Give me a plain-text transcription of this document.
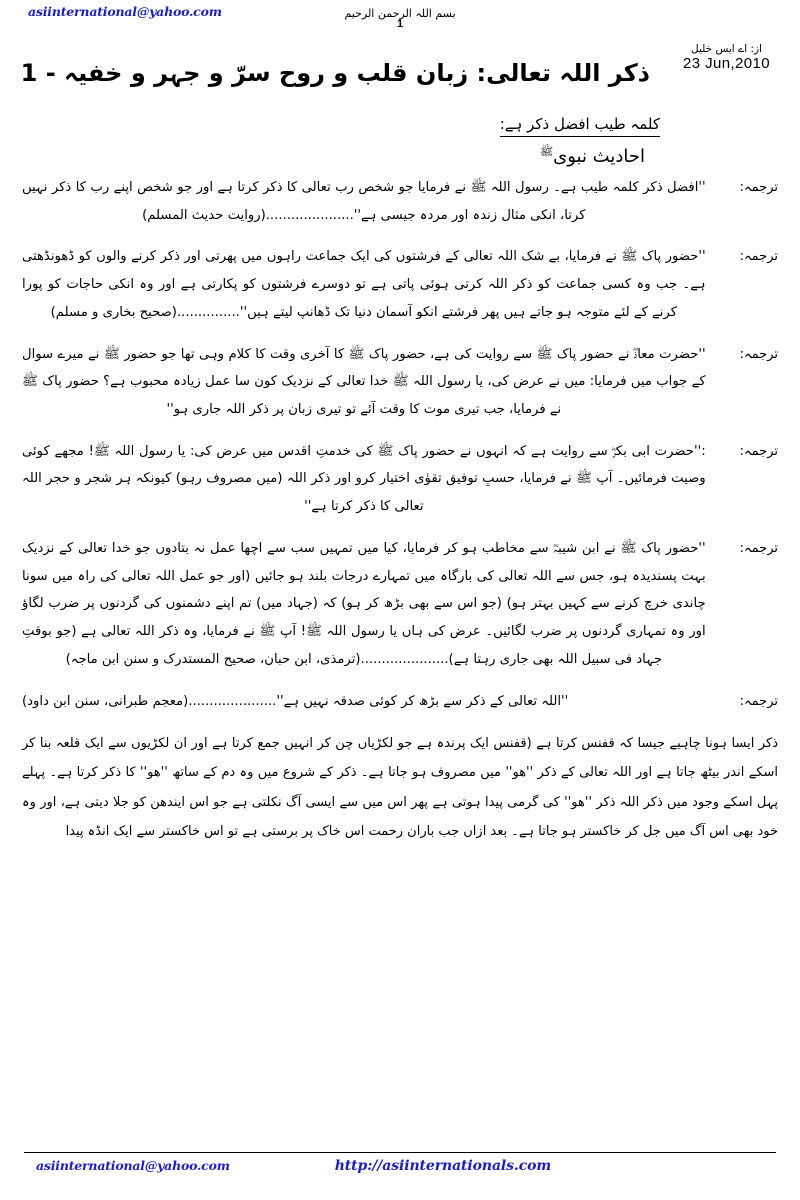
asiinternational@yahoo.com	بسم اللہ الرحمن الرحیم
1
از: اے ایس خلیل
23 Jun,2010
ذکر اللہ تعالی: زبان قلب و روح سرّ و جہر و خفیہ - 1
کلمہ طیب افضل ذکر ہے:
احادیث نبوی$^ﷺ$
ترجمہ:
''افضل ذکر کلمہ طیب ہے۔ رسول اللہ ﷺ نے فرمایا جو شخص رب تعالی کا ذکر کرتا ہے اور جو شخص اپنے رب کا ذکر نہیں کرتا، انکی مثال زندہ اور مردہ جیسی ہے''.....................(روایت حدیث المسلم)
ترجمہ:
''حضور پاک ﷺ نے فرمایا، بے شک اللہ تعالی کے فرشتوں کی ایک جماعت راہوں میں پھرتی اور ذکر کرنے والوں کو ڈھونڈھتی ہے۔ جب وہ کسی جماعت کو ذکر اللہ کرتی ہوئی پاتی ہے تو دوسرے فرشتوں کو پکارتی ہے اور وہ انکی حاجات کو پورا کرنے کے لئے متوجہ ہو جاتے ہیں پھر فرشتے انکو آسمان دنیا تک ڈھانپ لیتے ہیں''...............(صحیح بخاری و مسلم)
ترجمہ:
''حضرت معاذؓ نے حضور پاک ﷺ سے روایت کی ہے، حضور پاک ﷺ کا آخری وقت کا کلام وہی تھا جو حضور ﷺ نے میرے سوال کے جواب میں فرمایا: میں نے عرض کی، یا رسول اللہ ﷺ خدا تعالی کے نزدیک کون سا عمل زیادہ محبوب ہے؟ حضور پاک ﷺ نے فرمایا، جب تیری موت کا وقت آئے تو تیری زبان پر ذکر اللہ جاری ہو''
ترجمہ:
:''حضرت ابی بکرؓ سے روایت ہے کہ انہوں نے حضور پاک ﷺ کی خدمتِ اقدس میں عرض کی: یا رسول اللہ ﷺ! مجھے کوئی وصیت فرمائیں۔ آپ ﷺ نے فرمایا، حسبِ توفیق تقوٰی اختیار کرو اور ذکر اللہ (میں مصروف رہو) کیونکہ ہر شجر و حجر اللہ تعالی کا ذکر کرتا ہے''
ترجمہ:
''حضور پاک ﷺ نے ابن شیبہؓ سے مخاطب ہو کر فرمایا، کیا میں تمہیں سب سے اچھا عمل نہ بتادوں جو خدا تعالی کے نزدیک بہت پسندیدہ ہو، جس سے اللہ تعالی کی بارگاہ میں تمہارے درجات بلند ہو جائیں (اور جو عمل اللہ تعالی کی راہ میں سونا چاندی خرچ کرنے سے کہیں بہتر ہو) (جو اس سے بھی بڑھ کر ہو) کہ (جہاد میں) تم اپنے دشمنوں کی گردنوں پر ضرب لگاؤ اور وہ تمہاری گردنوں پر ضرب لگائیں۔ عرض کی ہاں یا رسول اللہ ﷺ! آپ ﷺ نے فرمایا، وہ ذکر اللہ تعالی ہے (جو بوقتِ جہاد فی سبیل اللہ بھی جاری رہتا ہے).....................(ترمذی، ابن حبان، صحیح المستدرک و سنن ابن ماجہ)
ترجمہ:
''اللہ تعالی کے ذکر سے بڑھ کر کوئی صدقہ نہیں ہے''.....................(معجم طبرانی، سنن ابن داود)
ذکر ایسا ہونا چاہیے جیسا کہ قفنس کرتا ہے (قفنس ایک پرندہ ہے جو لکڑیاں چن کر انہیں جمع کرتا ہے اور ان لکڑیوں سے ایک قلعہ بنا کر اسکے اندر بیٹھ جاتا ہے اور اللہ تعالی کے ذکر ''ھو'' میں مصروف ہو جاتا ہے۔ ذکر کے شروع میں وہ دم کے ساتھ ''ھو'' کا ذکر کرتا ہے۔ پہلے پہل اسکے وجود میں ذکر اللہ ذکر ''ھو'' کی گرمی پیدا ہوتی ہے پھر اس میں سے ایسی آگ نکلتی ہے جو اس ایندھن کو جلا دیتی ہے، اور وہ خود بھی اس آگ میں جل کر خاکستر ہو جاتا ہے۔ بعد ازاں جب باران رحمت اس خاک پر برستی ہے تو اس خاکستر سے ایک انڈہ پیدا
asiinternational@yahoo.com	http://asiinternationals.com
